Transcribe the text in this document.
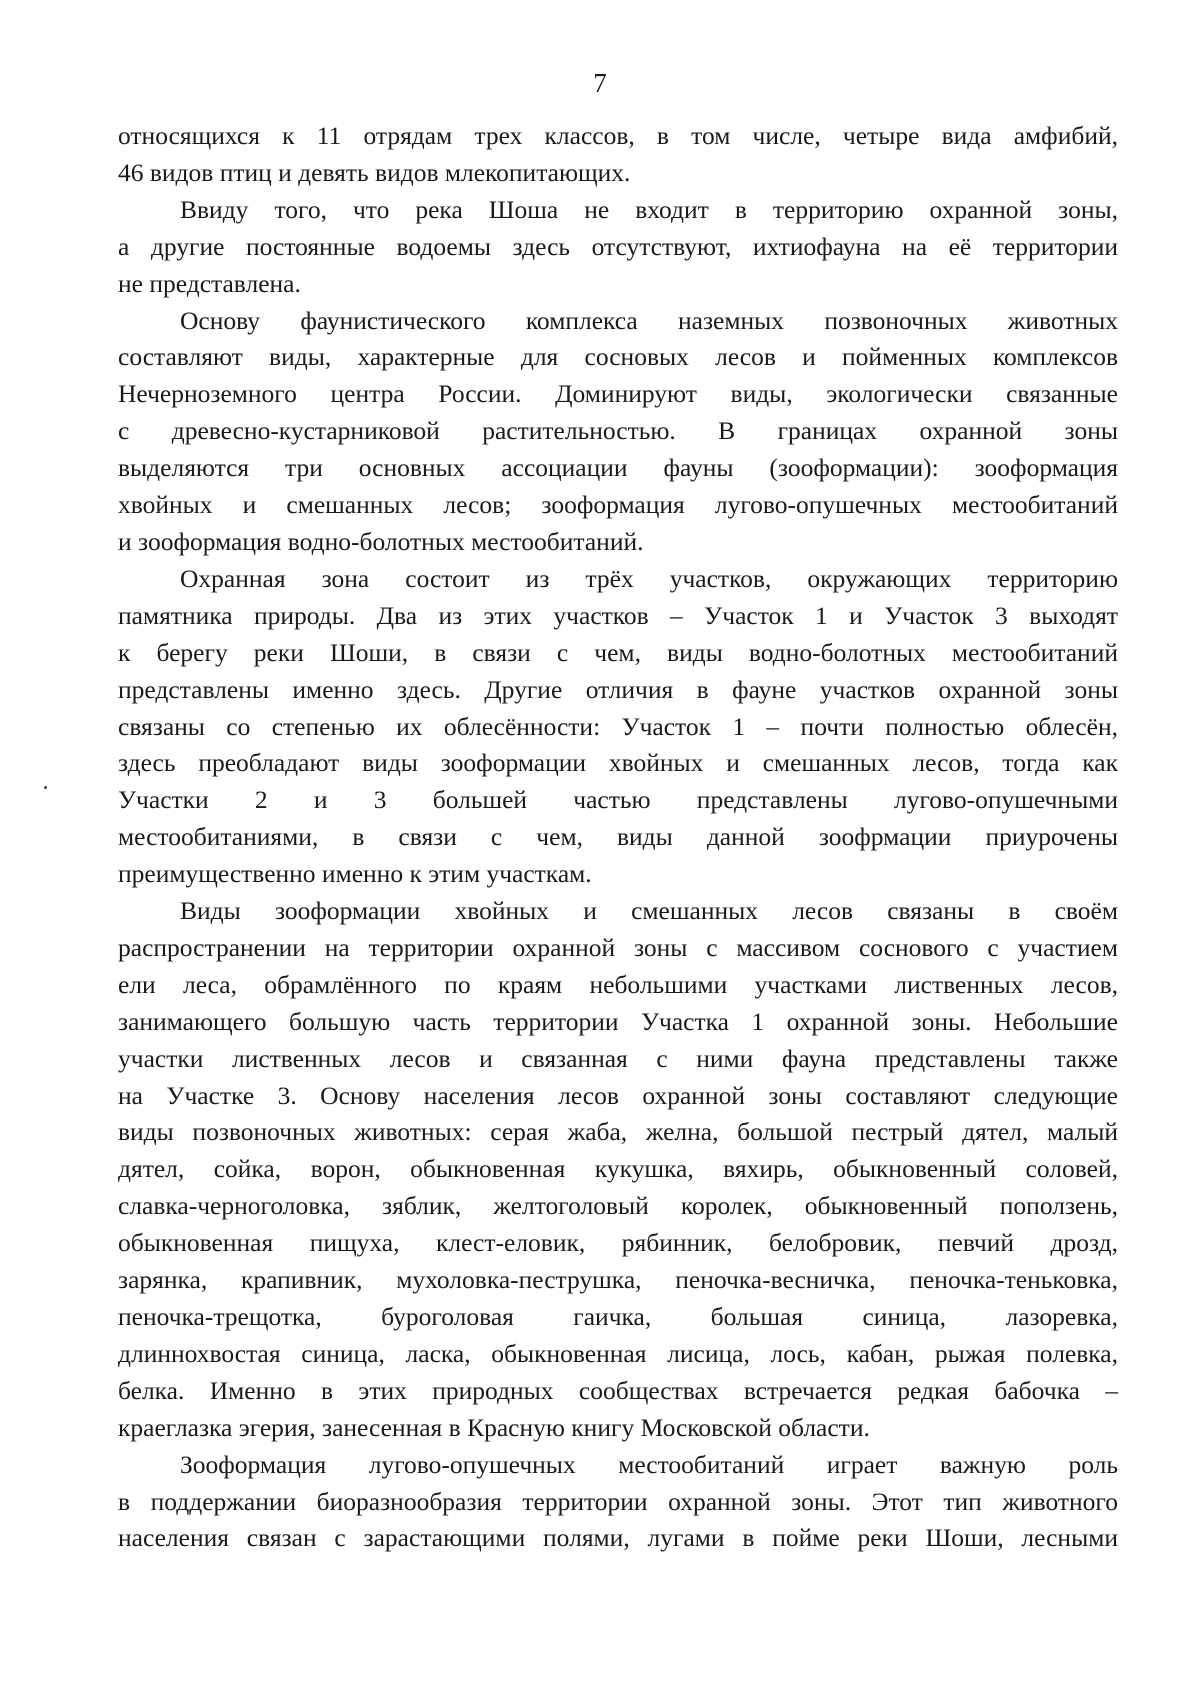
7

относящихся к 11 отрядам трех классов, в том числе, четыре вида амфибий,
46 видов птиц и девять видов млекопитающих.

Ввиду того, что река Шоша не входит в территорию охранной зоны,
а другие постоянные водоемы здесь отсутствуют, ихтиофауна на её территории
не представлена.

Основу фаунистического комплекса наземных позвоночных животных
составляют виды, характерные для сосновых лесов и пойменных комплексов
Нечерноземного центра России. Доминируют виды, экологически связанные
с древесно-кустарниковой растительностью. В границах охранной зоны
выделяются три основных ассоциации фауны (зооформации): зооформация
хвойных и смешанных лесов; зооформация лугово-опушечных местообитаний
и зооформация водно-болотных местообитаний.

Охранная зона состоит из трёх участков, окружающих территорию
памятника природы. Два из этих участков – Участок 1 и Участок 3 выходят
к берегу реки Шоши, в связи с чем, виды водно-болотных местообитаний
представлены именно здесь. Другие отличия в фауне участков охранной зоны
связаны со степенью их облесённости: Участок 1 – почти полностью облесён,
здесь преобладают виды зооформации хвойных и смешанных лесов, тогда как
Участки 2 и 3 большей частью представлены лугово-опушечными
местообитаниями, в связи с чем, виды данной зоофрмации приурочены
преимущественно именно к этим участкам.

Виды зооформации хвойных и смешанных лесов связаны в своём
распространении на территории охранной зоны с массивом соснового с участием
ели леса, обрамлённого по краям небольшими участками лиственных лесов,
занимающего большую часть территории Участка 1 охранной зоны. Небольшие
участки лиственных лесов и связанная с ними фауна представлены также
на Участке 3. Основу населения лесов охранной зоны составляют следующие
виды позвоночных животных: серая жаба, желна, большой пестрый дятел, малый
дятел, сойка, ворон, обыкновенная кукушка, вяхирь, обыкновенный соловей,
славка-черноголовка, зяблик, желтоголовый королек, обыкновенный поползень,
обыкновенная пищуха, клест-еловик, рябинник, белобровик, певчий дрозд,
зарянка, крапивник, мухоловка-пеструшка, пеночка-весничка, пеночка-теньковка,
пеночка-трещотка, буроголовая гаичка, большая синица, лазоревка,
длиннохвостая синица, ласка, обыкновенная лисица, лось, кабан, рыжая полевка,
белка. Именно в этих природных сообществах встречается редкая бабочка –
краеглазка эгерия, занесенная в Красную книгу Московской области.

Зооформация лугово-опушечных местообитаний играет важную роль
в поддержании биоразнообразия территории охранной зоны. Этот тип животного
населения связан с зарастающими полями, лугами в пойме реки Шоши, лесными
